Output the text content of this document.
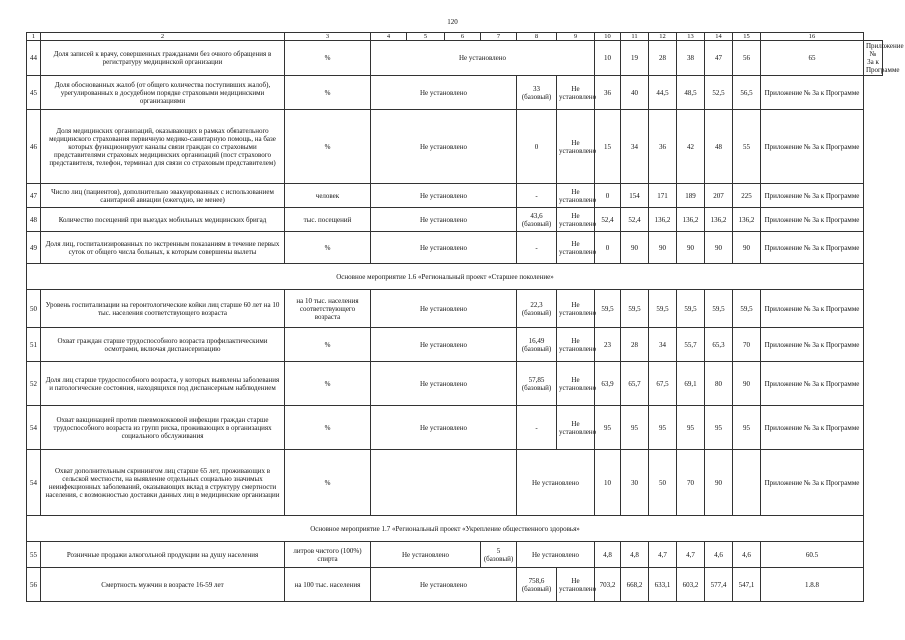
120
1	2	3	4	5	6	7	8	9	10	11	12	13	14	15	16	
44	Доля записей к врачу, совершенных гражданами без очного обращения в регистратуру медицинской организации	%	Не установлено						10	19	28	38	47	56	65	Приложение № 3а к Программе
45	Доля обоснованных жалоб (от общего количества поступивших жалоб), урегулированных в досудебном порядке страховыми медицинскими организациями	%	Не установлено				33 (базовый)	Не установлено	36	40	44,5	48,5	52,5	56,5	Приложение № 3а к Программе	
46	Доля медицинских организаций, оказывающих в рамках обязательного медицинского страхования первичную медико-санитарную помощь, на базе которых функционируют каналы связи граждан со страховыми представителями страховых медицинских организаций (пост страхового представителя, телефон, терминал для связи со страховым представителем)	%	Не установлено				0	Не установлено	15	34	36	42	48	55	Приложение № 3а к Программе	
47	Число лиц (пациентов), дополнительно эвакуированных с использованием санитарной авиации (ежегодно, не менее)	человек	Не установлено				-	Не установлено	0	154	171	189	207	225	Приложение № 3а к Программе	
48	Количество посещений при выездах мобильных медицинских бригад	тыс. посещений	Не установлено				43,6 (базовый)	Не установлено	52,4	52,4	136,2	136,2	136,2	136,2	Приложение № 3а к Программе	
49	Доля лиц, госпитализированных по экстренным показаниям в течение первых суток от общего числа больных, к которым совершены вылеты	%	Не установлено				-	Не установлено	0	90	90	90	90	90	Приложение № 3а к Программе	
Основное мероприятие 1.6 «Региональный проект «Старшее поколение»																
50	Уровень госпитализации на геронтологические койки лиц старше 60 лет на 10 тыс. населения соответствующего возраста	на 10 тыс. населения соответствующего возраста	Не установлено				22,3 (базовый)	Не установлено	59,5	59,5	59,5	59,5	59,5	59,5	Приложение № 3а к Программе	
51	Охват граждан старше трудоспособного возраста профилактическими осмотрами, включая диспансеризацию	%	Не установлено				16,49 (базовый)	Не установлено	23	28	34	55,7	65,3	70	Приложение № 3а к Программе	
52	Доля лиц старше трудоспособного возраста, у которых выявлены заболевания и патологические состояния, находящихся под диспансерным наблюдением	%	Не установлено				57,85 (базовый)	Не установлено	63,9	65,7	67,5	69,1	80	90	Приложение № 3а к Программе	
54	Охват вакцинацией против пневмококковой инфекции граждан старше трудоспособного возраста из групп риска, проживающих в организациях социального обслуживания	%	Не установлено				-	Не установлено	95	95	95	95	95	95	Приложение № 3а к Программе	
54	Охват дополнительным скринингом лиц старше 65 лет, проживающих в сельской местности, на выявление отдельных социально значимых неинфекционных заболеваний, оказывающих вклад в структуру смертности населения, с возможностью доставки данных лиц в медицинские организации	%					Не установлено		10	30	50	70	90		Приложение № 3а к Программе	
Основное мероприятие 1.7 «Региональный проект «Укрепление общественного здоровья»																
55	Розничные продажи алкогольной продукции на душу населения	литров чистого (100%) спирта	Не установлено			5 (базовый)	Не установлено		4,8	4,8	4,7	4,7	4,6	4,6	60.5	
56	Смертность мужчин в возрасте 16-59 лет	на 100 тыс. населения	Не установлено				758,6 (базовый)	Не установлено	703,2	668,2	633,1	603,2	577,4	547,1	1.8.8	
